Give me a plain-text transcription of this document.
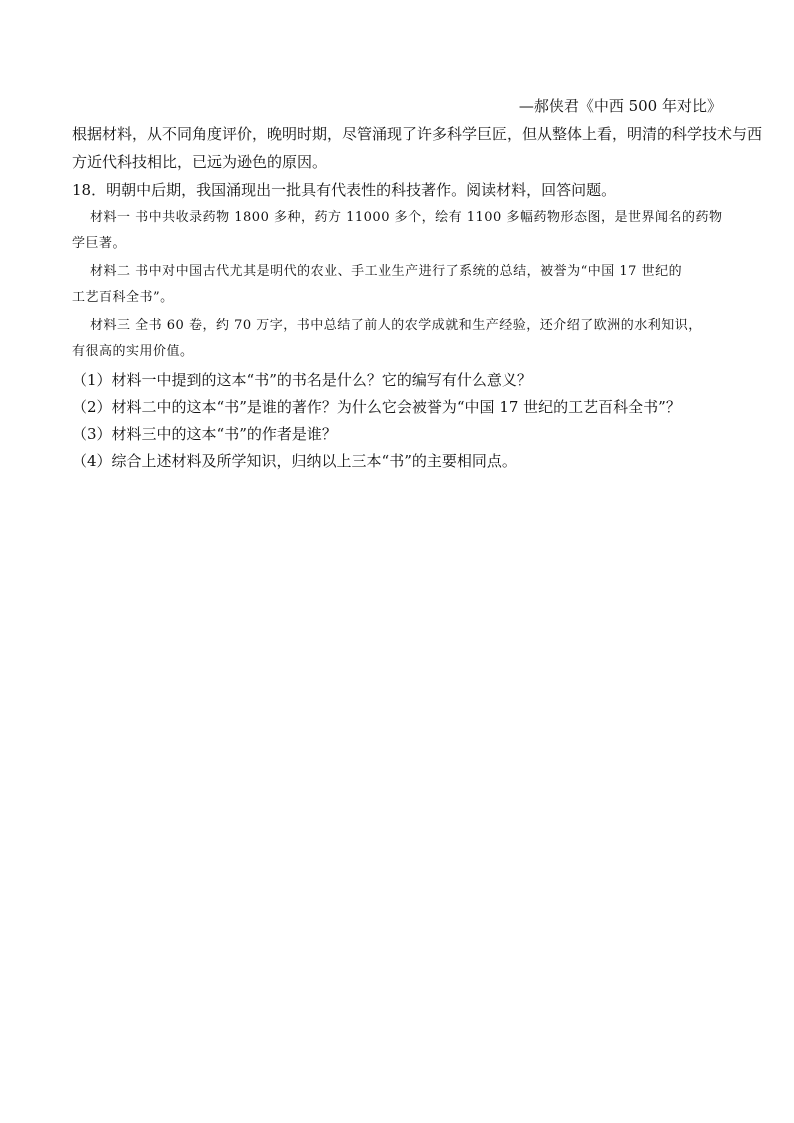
—郝侠君《中西 500 年对比》
根据材料，从不同角度评价，晚明时期，尽管涌现了许多科学巨匠，但从整体上看，明清的科学技术与西
方近代科技相比，已远为逊色的原因。
18．明朝中后期，我国涌现出一批具有代表性的科技著作。阅读材料，回答问题。
材料一 书中共收录药物 1800 多种，药方 11000 多个，绘有 1100 多幅药物形态图，是世界闻名的药物
学巨著。
材料二 书中对中国古代尤其是明代的农业、手工业生产进行了系统的总结，被誉为“中国 17 世纪的
工艺百科全书”。
材料三 全书 60 卷，约 70 万字，书中总结了前人的农学成就和生产经验，还介绍了欧洲的水利知识，
有很高的实用价值。
（1）材料一中提到的这本“书”的书名是什么？它的编写有什么意义？
（2）材料二中的这本“书”是谁的著作？为什么它会被誉为“中国 17 世纪的工艺百科全书”？
（3）材料三中的这本“书”的作者是谁？
（4）综合上述材料及所学知识，归纳以上三本“书”的主要相同点。
